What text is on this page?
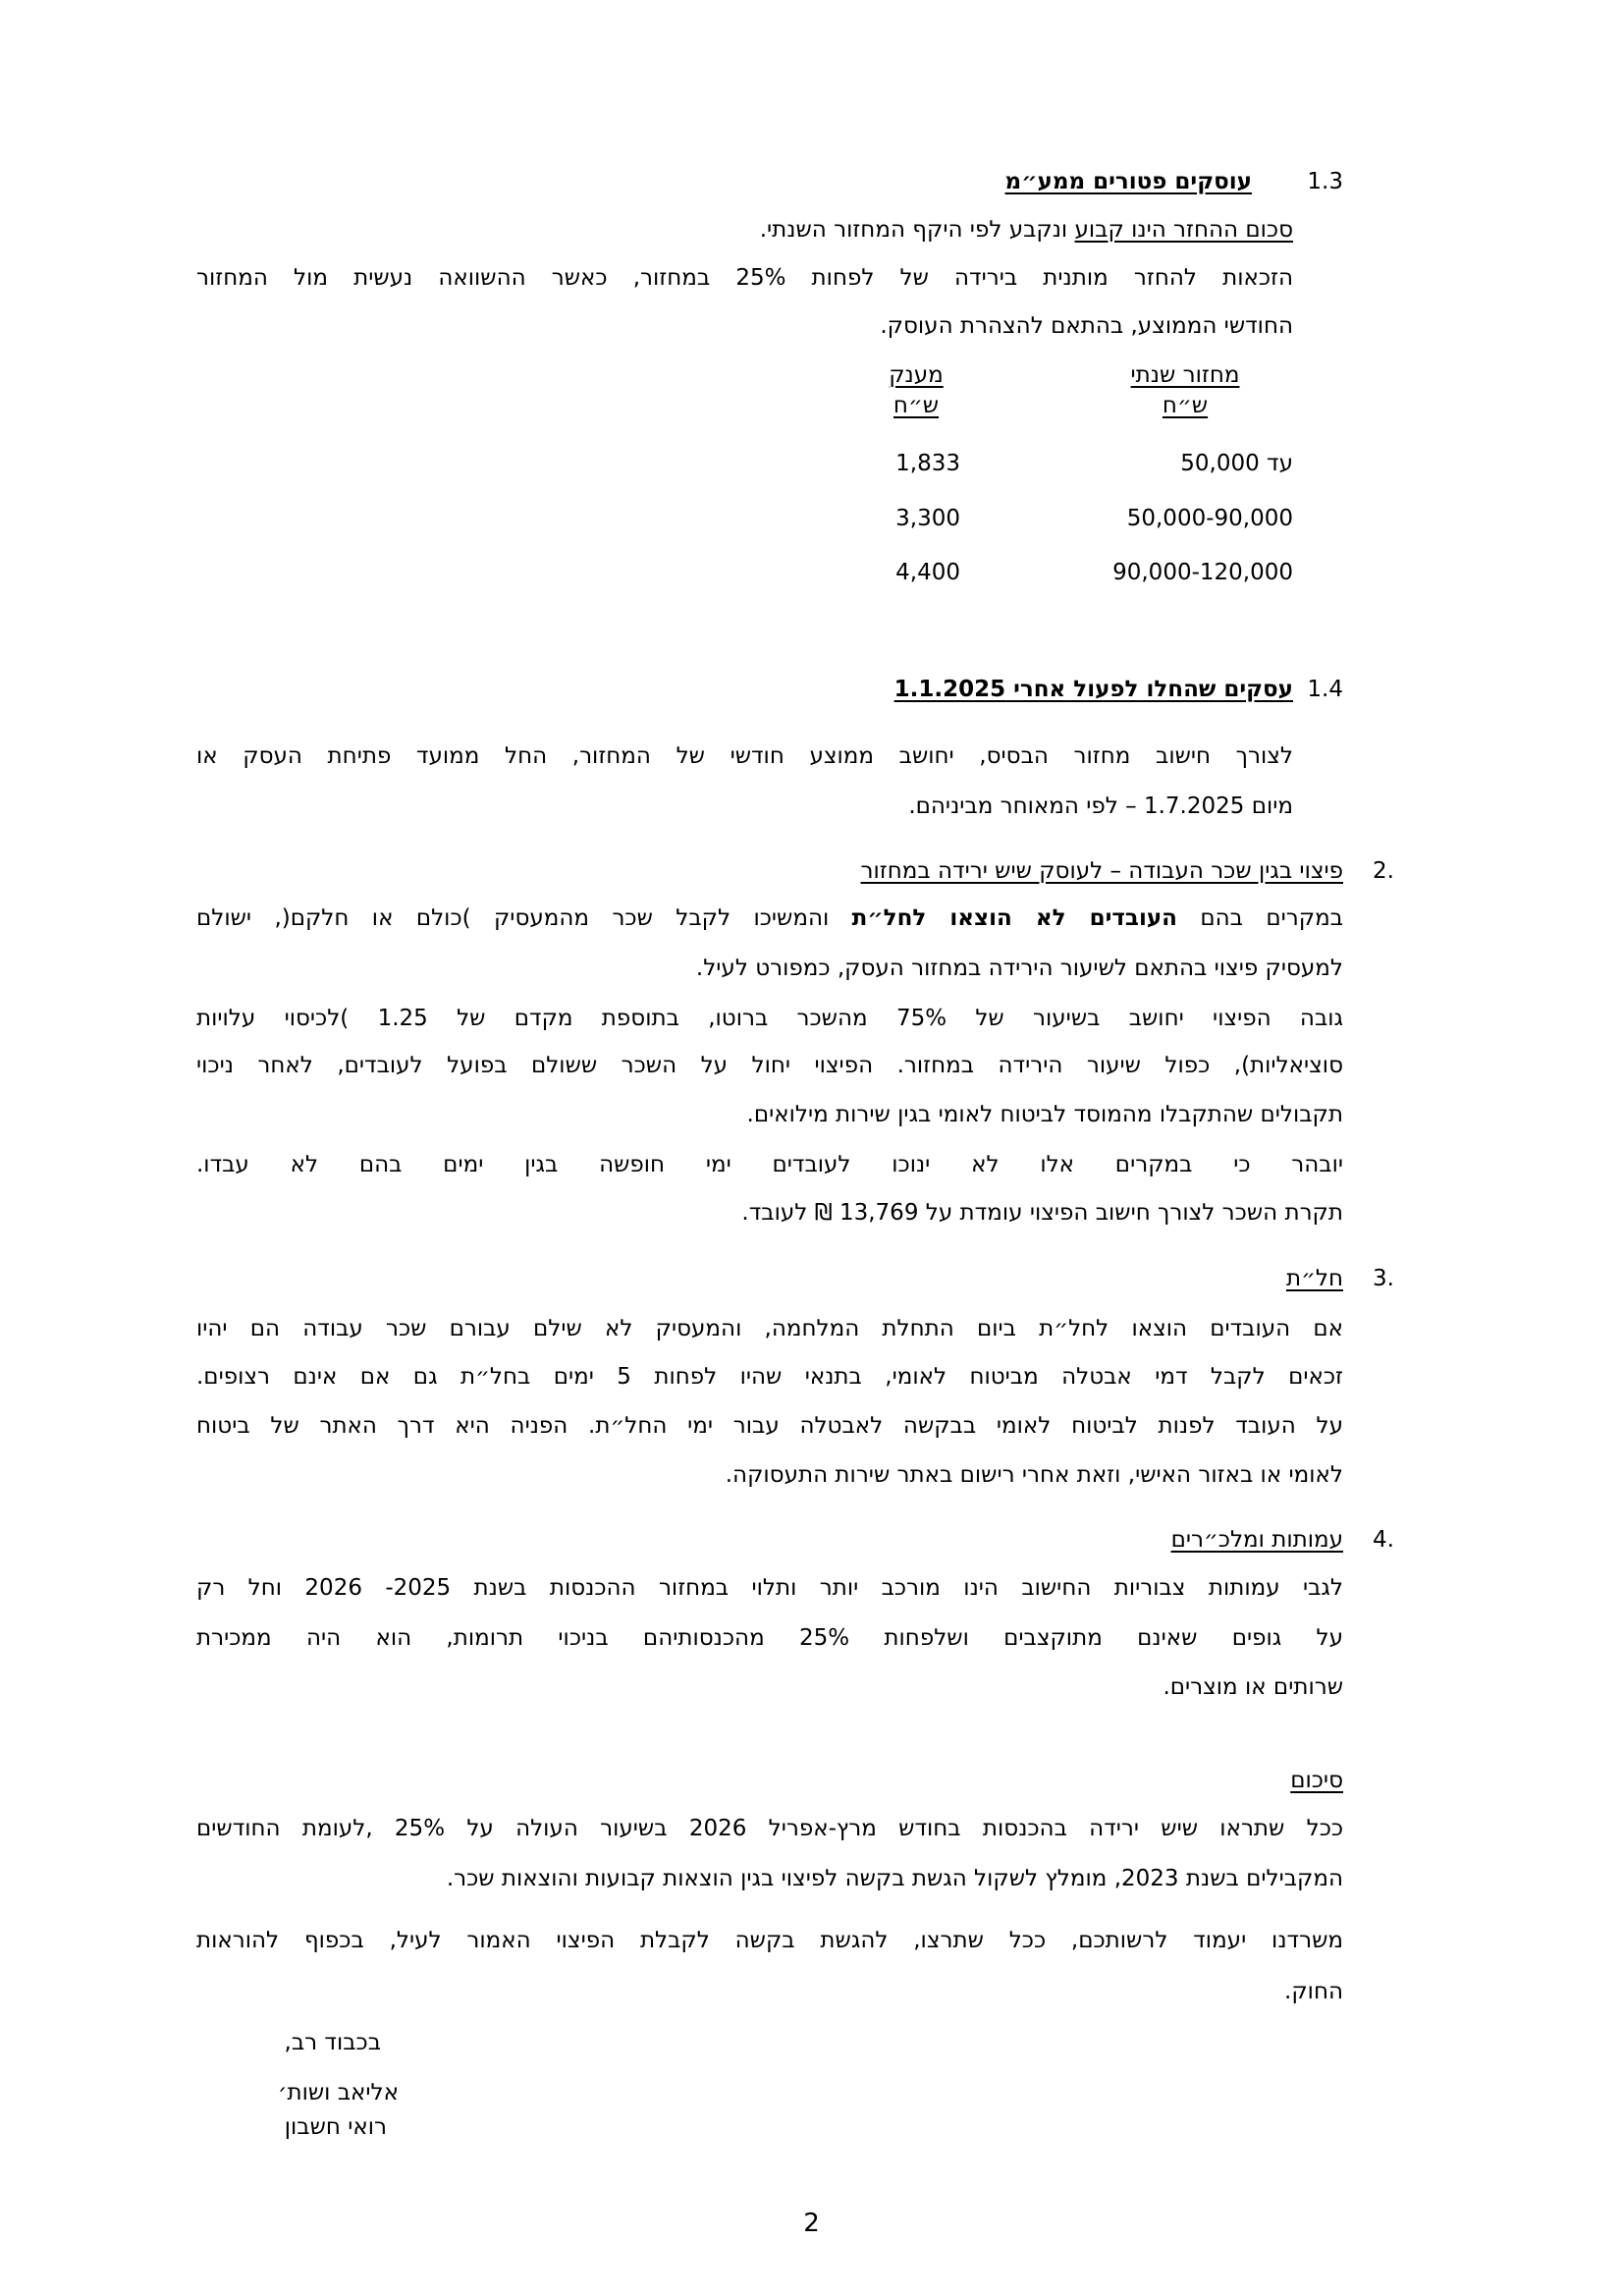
1.3
עוסקים פטורים ממע״מ
סכום ההחזר הינו קבוע ונקבע לפי היקף המחזור השנתי.
הזכאות להחזר מותנית בירידה של לפחות 25% במחזור, כאשר ההשוואה נעשית מול המחזור
החודשי הממוצע, בהתאם להצהרת העוסק.
מחזור שנתי
ש״ח
מענק
ש״ח
עד 50,000
1,833
50,000-90,000
3,300
90,000-120,000
4,400
1.4
עסקים שהחלו לפעול אחרי 1.1.2025
לצורך חישוב מחזור הבסיס, יחושב ממוצע חודשי של המחזור, החל ממועד פתיחת העסק או
מיום 1.7.2025 – לפי המאוחר מביניהם.
2.
פיצוי בגין שכר העבודה – לעוסק שיש ירידה במחזור
במקרים בהם העובדים לא הוצאו לחל״ת והמשיכו לקבל שכר מהמעסיק )כולם או חלקם(, ישולם
למעסיק פיצוי בהתאם לשיעור הירידה במחזור העסק, כמפורט לעיל.
גובה הפיצוי יחושב בשיעור של 75% מהשכר ברוטו, בתוספת מקדם של 1.25 )לכיסוי עלויות
סוציאליות), כפול שיעור הירידה במחזור. הפיצוי יחול על השכר ששולם בפועל לעובדים, לאחר ניכוי
תקבולים שהתקבלו מהמוסד לביטוח לאומי בגין שירות מילואים.
יובהר כי במקרים אלו לא ינוכו לעובדים ימי חופשה בגין ימים בהם לא עבדו.
תקרת השכר לצורך חישוב הפיצוי עומדת על 13,769 ₪ לעובד.
3.
חל״ת
אם העובדים הוצאו לחל״ת ביום התחלת המלחמה, והמעסיק לא שילם עבורם שכר עבודה הם יהיו
זכאים לקבל דמי אבטלה מביטוח לאומי, בתנאי שהיו לפחות 5 ימים בחל״ת גם אם אינם רצופים.
על העובד לפנות לביטוח לאומי בבקשה לאבטלה עבור ימי החל״ת. הפניה היא דרך האתר של ביטוח
לאומי או באזור האישי, וזאת אחרי רישום באתר שירות התעסוקה.
4.
עמותות ומלכ״רים
לגבי עמותות צבוריות החישוב הינו מורכב יותר ותלוי במחזור ההכנסות בשנת 2025- 2026 וחל רק
על גופים שאינם מתוקצבים ושלפחות 25% מהכנסותיהם בניכוי תרומות, הוא היה ממכירת
שרותים או מוצרים.
סיכום
ככל שתראו שיש ירידה בהכנסות בחודש מרץ-אפריל 2026 בשיעור העולה על 25% ,לעומת החודשים
המקבילים בשנת 2023, מומלץ לשקול הגשת בקשה לפיצוי בגין הוצאות קבועות והוצאות שכר.
משרדנו יעמוד לרשותכם, ככל שתרצו, להגשת בקשה לקבלת הפיצוי האמור לעיל, בכפוף להוראות
החוק.
בכבוד רב,
אליאב ושות׳
רואי חשבון
2
